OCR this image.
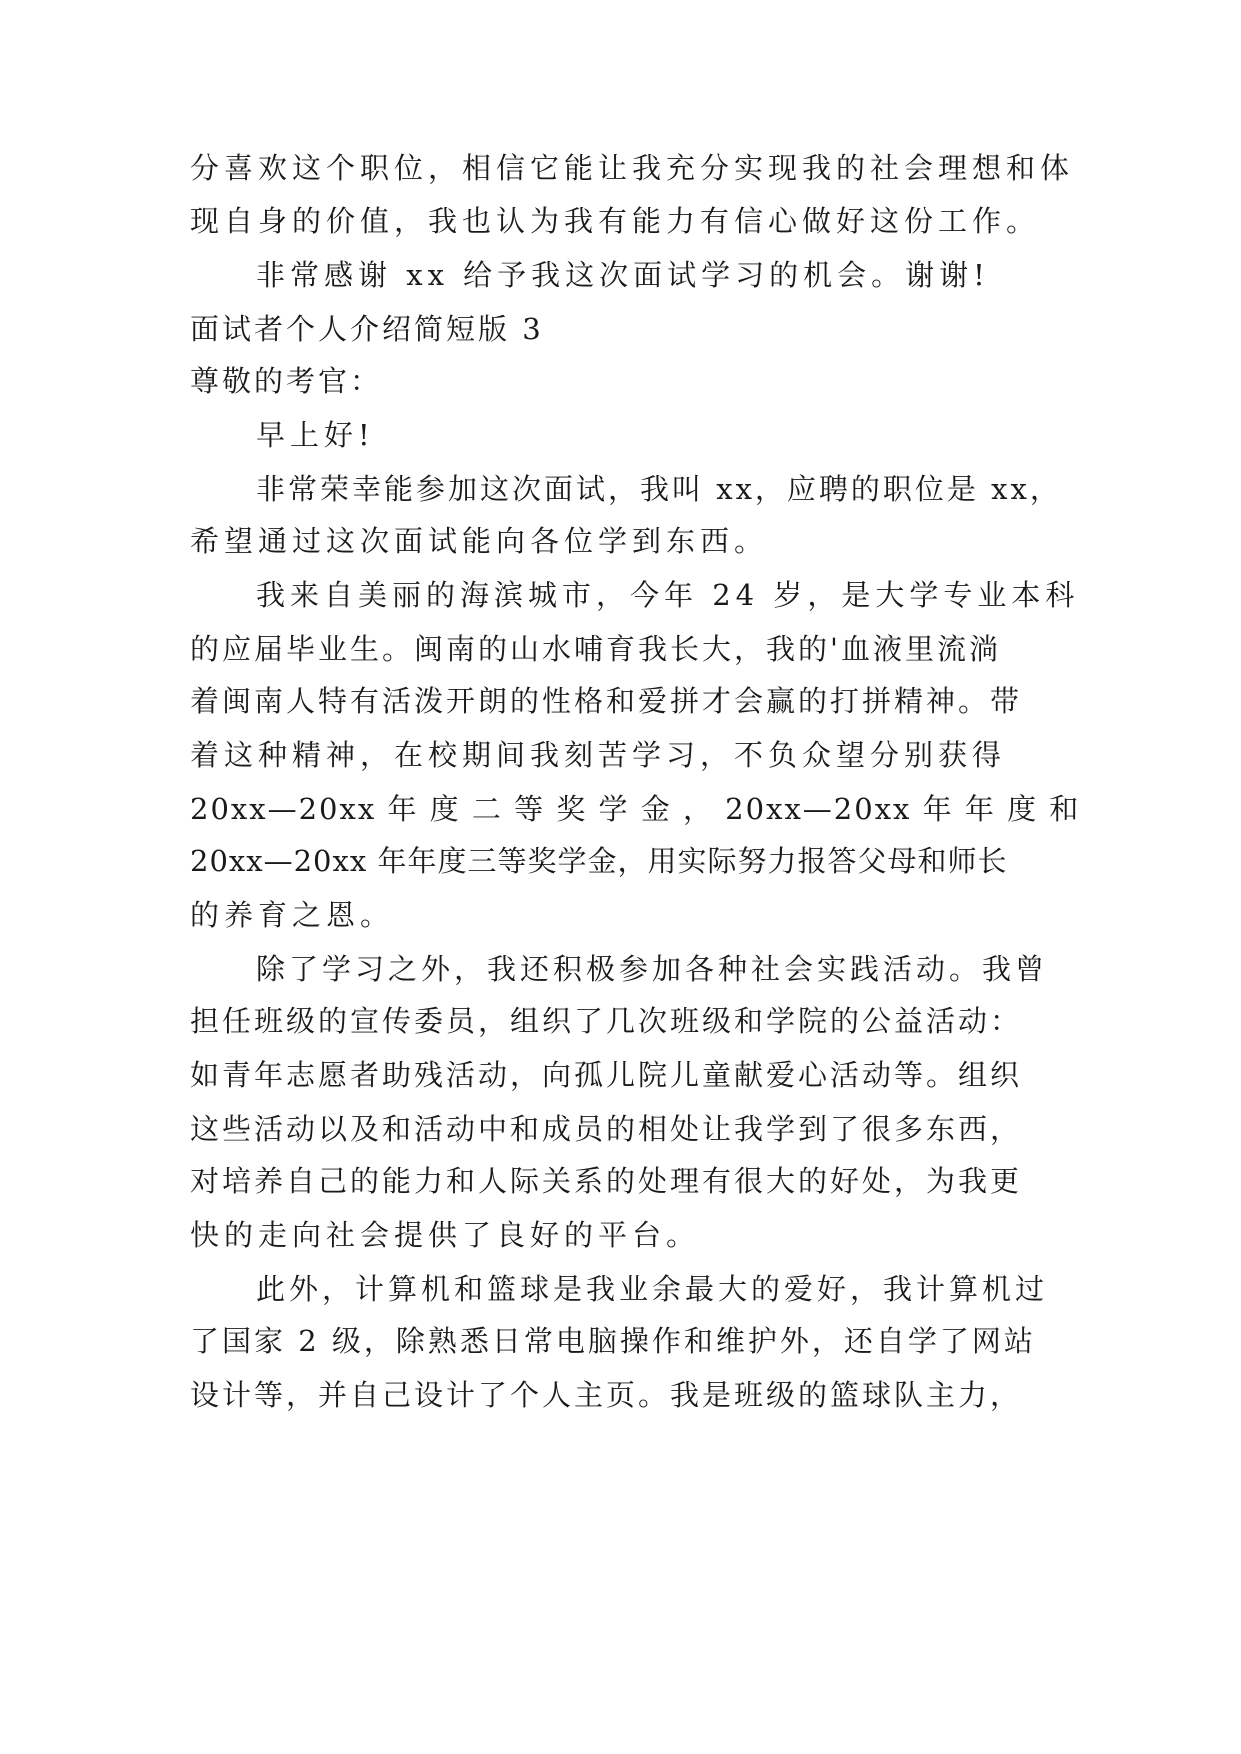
分喜欢这个职位，相信它能让我充分实现我的社会理想和体
现自身的价值，我也认为我有能力有信心做好这份工作。
非常感谢 xx 给予我这次面试学习的机会。谢谢!
面试者个人介绍简短版 3
尊敬的考官：
早上好!
非常荣幸能参加这次面试，我叫 xx，应聘的职位是 xx，
希望通过这次面试能向各位学到东西。
我来自美丽的海滨城市，今年 24 岁，是大学专业本科
的应届毕业生。闽南的山水哺育我长大，我的'血液里流淌
着闽南人特有活泼开朗的性格和爱拼才会赢的打拼精神。带
着这种精神，在校期间我刻苦学习，不负众望分别获得
20xx—20xx 年 度 二 等 奖 学 金 ， 20xx—20xx 年 年 度 和
20xx—20xx 年年度三等奖学金，用实际努力报答父母和师长
的养育之恩。
除了学习之外，我还积极参加各种社会实践活动。我曾
担任班级的宣传委员，组织了几次班级和学院的公益活动：
如青年志愿者助残活动，向孤儿院儿童献爱心活动等。组织
这些活动以及和活动中和成员的相处让我学到了很多东西，
对培养自己的能力和人际关系的处理有很大的好处，为我更
快的走向社会提供了良好的平台。
此外，计算机和篮球是我业余最大的爱好，我计算机过
了国家 2 级，除熟悉日常电脑操作和维护外，还自学了网站
设计等，并自己设计了个人主页。我是班级的篮球队主力，
